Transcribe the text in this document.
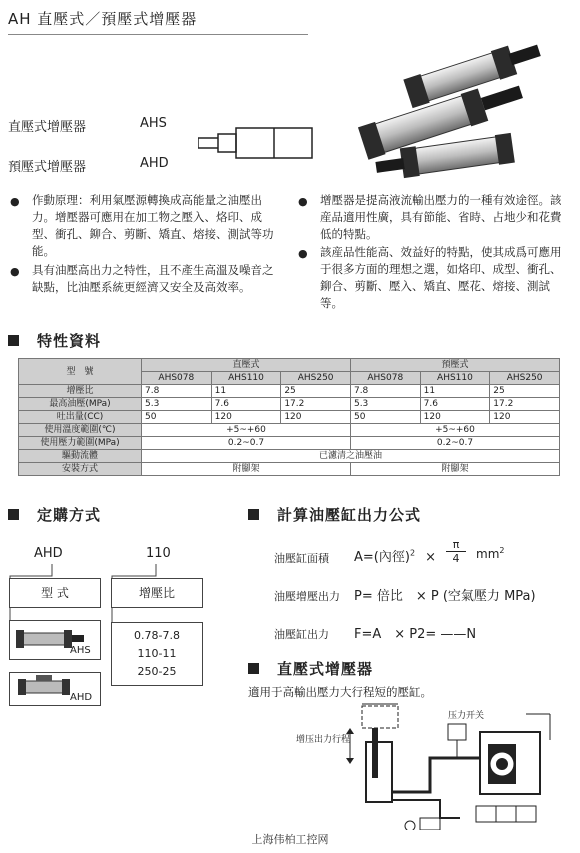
AH 直壓式／預壓式增壓器
直壓式增壓器	AHS
預壓式增壓器	AHD
●	作動原理：利用氣壓源轉換成高能量之油壓出力。增壓器可應用在加工物之壓入、烙印、成型、衝孔、鉚合、剪斷、矯直、熔接、測試等功能。
●	具有油壓高出力之特性，且不產生高溫及噪音之缺點，比油壓系統更經濟又安全及高效率。
●	增壓器是提高液流輸出壓力的一種有效途徑。該産品適用性廣，具有節能、省時、占地少和花費低的特點。
●	該産品性能高、效益好的特點，使其成爲可應用于很多方面的理想之選，如烙印、成型、衝孔、鉚合、剪斷、壓入、矯直、壓花、熔接、測試等。
特性資料
型　號	直壓式			預壓式		
	AHS078	AHS110	AHS250	AHS078	AHS110	AHS250
增壓比	7.8	11	25	7.8	11	25
最高油壓(MPa)	5.3	7.6	17.2	5.3	7.6	17.2
吐出量(CC)	50	120	120	50	120	120
使用溫度範圍(℃)	+5~+60			+5~+60		
使用壓力範圍(MPa)	0.2~0.7			0.2~0.7		
驅動流體	已濾清之油壓油					
安裝方式	附腳架			附腳架		
定購方式
AHD	110
型 式	增壓比
AHS
AHD
0.78-7.8
110-11
250-25
計算油壓缸出力公式
油壓缸面積 A=(內徑)$^2$ ×
π
4	$mm^2$
油壓增壓出力 P= 倍比　× P (空氣壓力 MPa)
油壓缸出力 F=A　× P2= ——N
直壓式增壓器
適用于高輸出壓力大行程短的壓缸。
增压出力行程
压力开关
上海伟柏工控网
